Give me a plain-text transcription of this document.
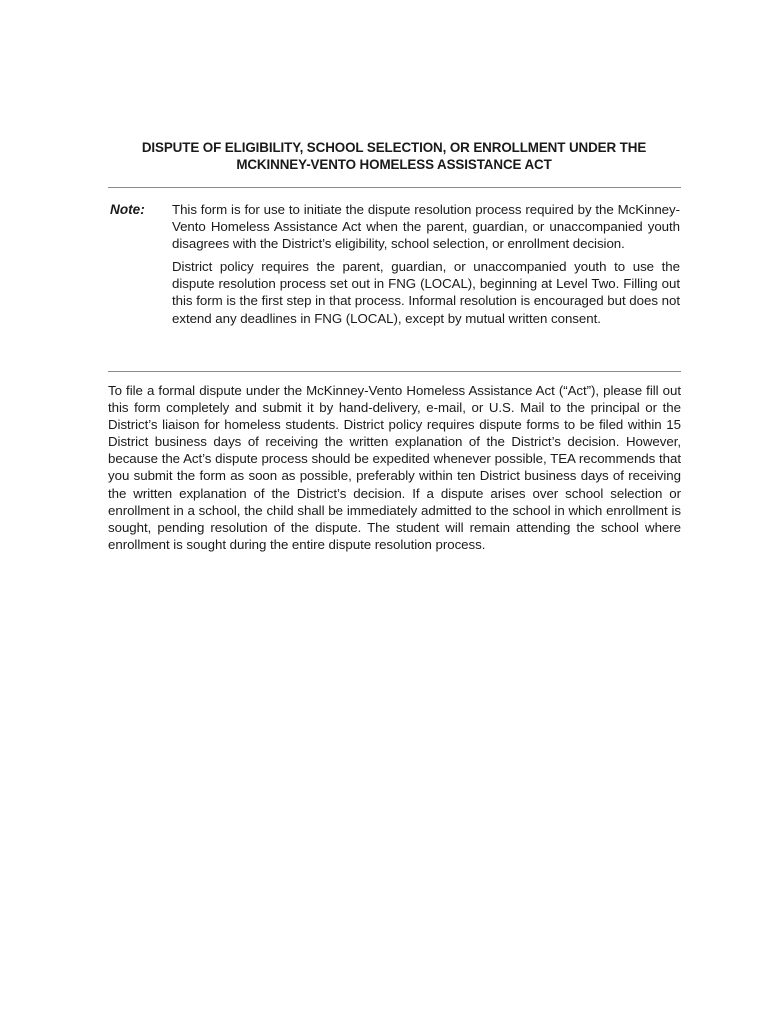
DISPUTE OF ELIGIBILITY, SCHOOL SELECTION, OR ENROLLMENT UNDER THE
MCKINNEY-VENTO HOMELESS ASSISTANCE ACT
Note: This form is for use to initiate the dispute resolution process required by the McKinney-Vento Homeless Assistance Act when the parent, guardian, or unaccompanied youth disagrees with the District’s eligibility, school selection, or enrollment decision.

District policy requires the parent, guardian, or unaccompanied youth to use the dispute resolution process set out in FNG (LOCAL), beginning at Level Two. Filling out this form is the first step in that process. Informal resolution is encouraged but does not extend any deadlines in FNG (LOCAL), except by mutual written consent.

To file a formal dispute under the McKinney-Vento Homeless Assistance Act (“Act”), please fill out this form completely and submit it by hand-delivery, e-mail, or U.S. Mail to the principal or the District’s liaison for homeless students. District policy requires dispute forms to be filed within 15 District business days of receiving the written explanation of the District’s decision. However, because the Act’s dispute process should be expedited whenever possible, TEA recommends that you submit the form as soon as possible, preferably within ten District business days of receiving the written explanation of the District’s decision. If a dispute arises over school selection or enrollment in a school, the child shall be immediately admitted to the school in which enrollment is sought, pending resolution of the dispute. The student will remain attending the school where enrollment is sought during the entire dispute resolution process.
